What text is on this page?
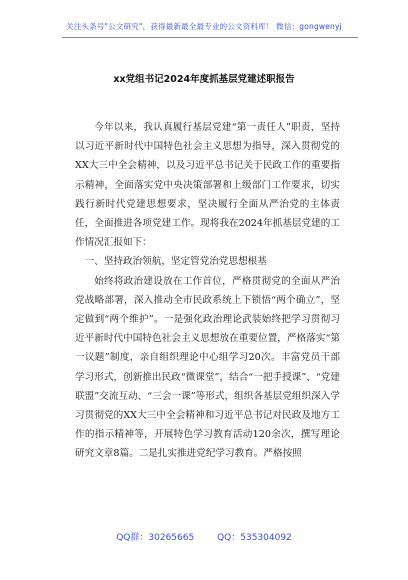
关注头条号"公文研究"，获得最新最全最专业的公文资料库！ 微信：gongwenyj
xx党组书记2024年度抓基层党建述职报告

今年以来，我认真履行基层党建“第一责任人”职责，坚持以习近平新时代中国特色社会主义思想为指导，深入贯彻党的XX大三中全会精神，以及习近平总书记关于民政工作的重要指示精神，全面落实党中央决策部署和上级部门工作要求，切实践行新时代党建思想要求，坚决履行全面从严治党的主体责任，全面推进各项党建工作。现将我在2024年抓基层党建的工作情况汇报如下：

一、坚持政治领航，坚定管党治党思想根基

始终将政治建设放在工作首位，严格贯彻党的全面从严治党战略部署，深入推动全市民政系统上下锁悟“两个确立”，坚定做到“两个维护”。一是强化政治理论武装始终把学习贯彻习近平新时代中国特色社会主义思想放在重要位置，严格落实“第一议题”制度，亲自组织理论中心组学习20次。丰富党员干部学习形式，创新推出民政“微课堂”，结合“一把手授课”、“党建联盟”交流互动、“三会一课”等形式，组织各基层党组织深入学习贯彻党的XX大三中全会精神和习近平总书记对民政及地方工作的指示精神等，开展特色学习教育活动120余次，撰写理论研究文章8篇。二是扎实推进党纪学习教育。严格按照

QQ群：30265665	QQ：535304092
